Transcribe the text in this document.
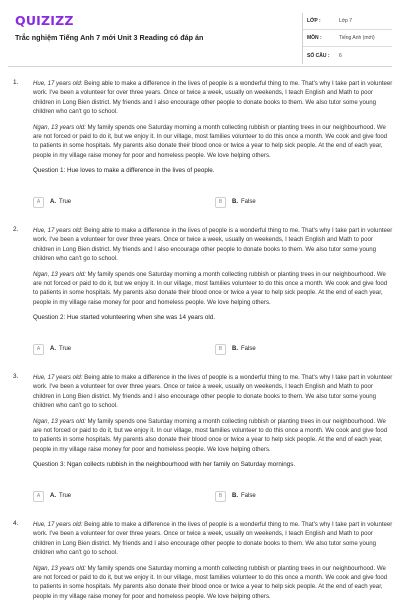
QUIZIZZ
Trắc nghiệm Tiếng Anh 7 mới Unit 3 Reading có đáp án
LỚP :	Lớp 7
MÔN :	Tiếng Anh (mới)
SỐ CÂU :	6
1. Hue, 17 years old: Being able to make a difference in the lives of people is a wonderful thing to me. That's why I take part in volunteer work. I've been a volunteer for over three years. Once or twice a week, usually on weekends, I teach English and Math to poor children in Long Bien district. My friends and I also encourage other people to donate books to them. We also tutor some young children who can't go to school.

Ngan, 13 years old: My family spends one Saturday morning a month collecting rubbish or planting trees in our neighbourhood. We are not forced or paid to do it, but we enjoy it. In our village, most families volunteer to do this once a month. We cook and give food to patients in some hospitals. My parents also donate their blood once or twice a year to help sick people. At the end of each year, people in my village raise money for poor and homeless people. We love helping others.

Question 1: Hue loves to make a difference in the lives of people.

A	A. True	B	B. False
2. Hue, 17 years old: Being able to make a difference in the lives of people is a wonderful thing to me. That's why I take part in volunteer work. I've been a volunteer for over three years. Once or twice a week, usually on weekends, I teach English and Math to poor children in Long Bien district. My friends and I also encourage other people to donate books to them. We also tutor some young children who can't go to school.

Ngan, 13 years old: My family spends one Saturday morning a month collecting rubbish or planting trees in our neighbourhood. We are not forced or paid to do it, but we enjoy it. In our village, most families volunteer to do this once a month. We cook and give food to patients in some hospitals. My parents also donate their blood once or twice a year to help sick people. At the end of each year, people in my village raise money for poor and homeless people. We love helping others.

Question 2: Hue started volunteering when she was 14 years old.

A	A. True	B	B. False
3. Hue, 17 years old: Being able to make a difference in the lives of people is a wonderful thing to me. That's why I take part in volunteer work. I've been a volunteer for over three years. Once or twice a week, usually on weekends, I teach English and Math to poor children in Long Bien district. My friends and I also encourage other people to donate books to them. We also tutor some young children who can't go to school.

Ngan, 13 years old: My family spends one Saturday morning a month collecting rubbish or planting trees in our neighbourhood. We are not forced or paid to do it, but we enjoy it. In our village, most families volunteer to do this once a month. We cook and give food to patients in some hospitals. My parents also donate their blood once or twice a year to help sick people. At the end of each year, people in my village raise money for poor and homeless people. We love helping others.

Question 3: Ngan collects rubbish in the neighbourhood with her family on Saturday mornings.

A	A. True	B	B. False
4. Hue, 17 years old: Being able to make a difference in the lives of people is a wonderful thing to me. That's why I take part in volunteer work. I've been a volunteer for over three years. Once or twice a week, usually on weekends, I teach English and Math to poor children in Long Bien district. My friends and I also encourage other people to donate books to them. We also tutor some young children who can't go to school.

Ngan, 13 years old: My family spends one Saturday morning a month collecting rubbish or planting trees in our neighbourhood. We are not forced or paid to do it, but we enjoy it. In our village, most families volunteer to do this once a month. We cook and give food to patients in some hospitals. My parents also donate their blood once or twice a year to help sick people. At the end of each year, people in my village raise money for poor and homeless people. We love helping others.
